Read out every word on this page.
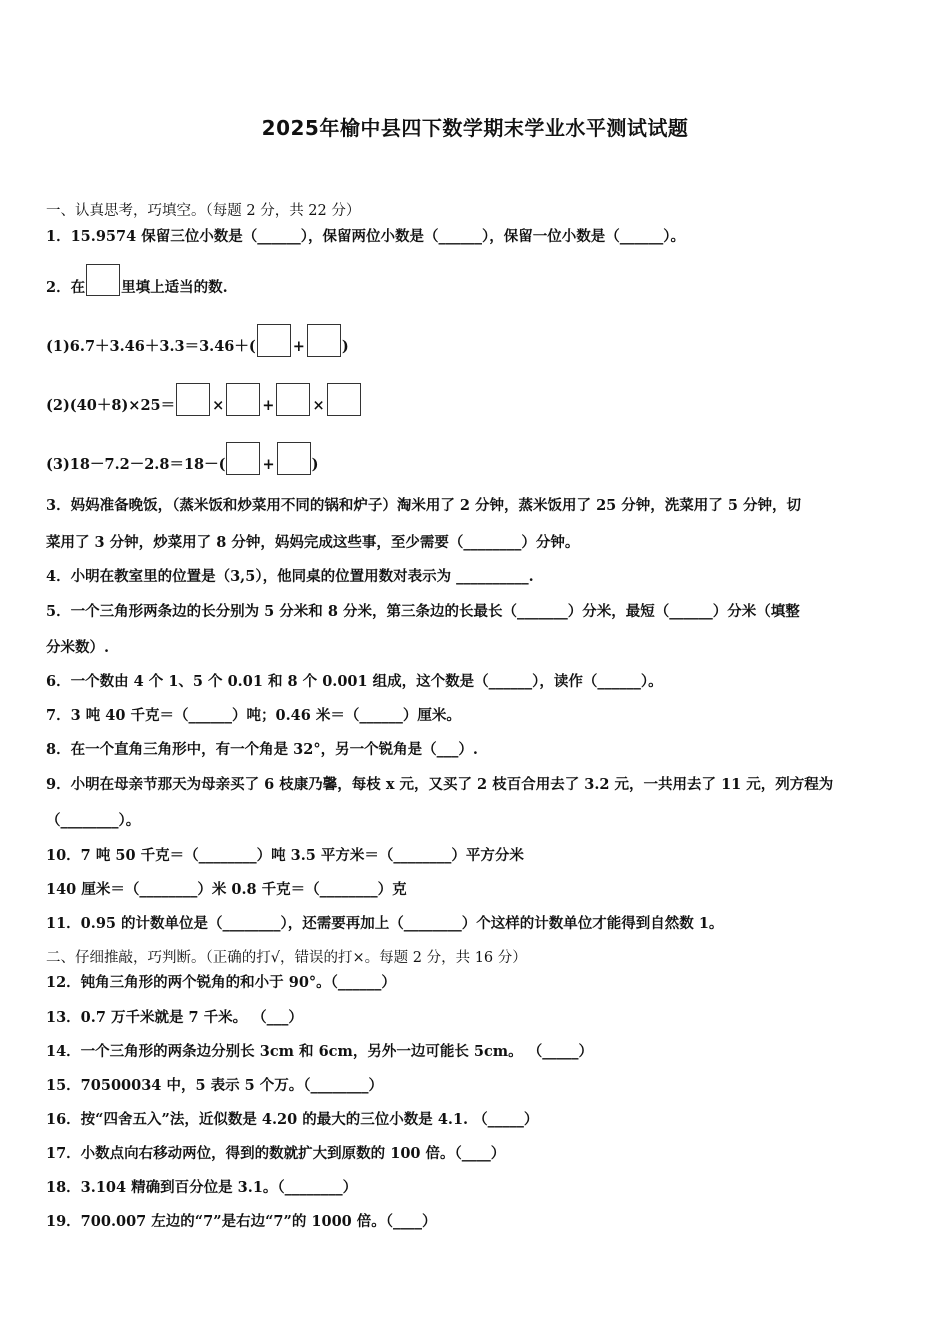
2025年榆中县四下数学期末学业水平测试试题
一、认真思考，巧填空。（每题 2 分，共 22 分）
1．15.9574 保留三位小数是（______），保留两位小数是（______），保留一位小数是（______）。
2．在 里填上适当的数.
(1)6.7＋3.46＋3.3＝3.46＋(	+	)
(2)(40＋8)×25＝	×	+	×
(3)18－7.2－2.8＝18－(	+	)
3．妈妈准备晚饭，（蒸米饭和炒菜用不同的锅和炉子）淘米用了 2 分钟，蒸米饭用了 25 分钟，洗菜用了 5 分钟，切
菜用了 3 分钟，炒菜用了 8 分钟，妈妈完成这些事，至少需要（________）分钟。
4．小明在教室里的位置是（3,5），他同桌的位置用数对表示为 __________.
5．一个三角形两条边的长分别为 5 分米和 8 分米，第三条边的长最长（_______）分米，最短（______）分米（填整
分米数）.
6．一个数由 4 个 1、5 个 0.01 和 8 个 0.001 组成，这个数是（______），读作（______）。
7．3 吨 40 千克＝（______）吨；0.46 米＝（______）厘米。
8．在一个直角三角形中，有一个角是 32°，另一个锐角是（___）.
9．小明在母亲节那天为母亲买了 6 枝康乃馨，每枝 x 元，又买了 2 枝百合用去了 3.2 元，一共用去了 11 元，列方程为
（________）。
10．7 吨 50 千克＝（________）吨 3.5 平方米＝（________）平方分米
140 厘米＝（________）米 0.8 千克＝（________）克
11．0.95 的计数单位是（________），还需要再加上（________）个这样的计数单位才能得到自然数 1。
二、仔细推敲，巧判断。（正确的打√，错误的打×。每题 2 分，共 16 分）
12．钝角三角形的两个锐角的和小于 90°。（______）
13．0.7 万千米就是 7 千米。 （___）
14．一个三角形的两条边分别长 3cm 和 6cm，另外一边可能长 5cm。 （_____）
15．70500034 中，5 表示 5 个万。（________）
16．按“四舍五入”法，近似数是 4.20 的最大的三位小数是 4.1. （_____）
17．小数点向右移动两位，得到的数就扩大到原数的 100 倍。（____）
18．3.104 精确到百分位是 3.1。（________）
19．700.007 左边的“7”是右边“7”的 1000 倍。（____）
